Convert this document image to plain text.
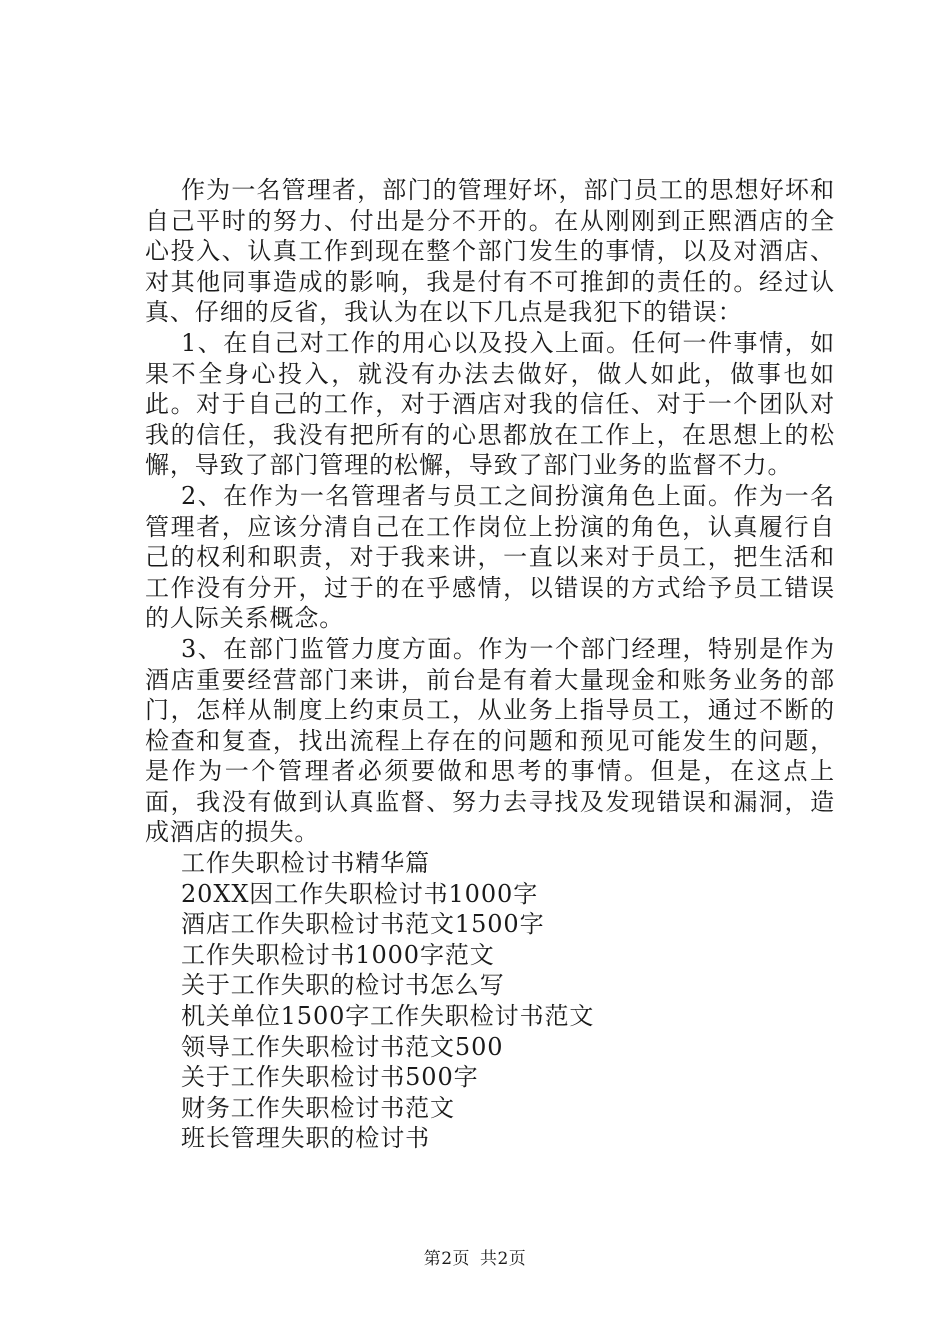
作为一名管理者，部门的管理好坏，部门员工的思想好坏和自己平时的努力、付出是分不开的。在从刚刚到正熙酒店的全心投入、认真工作到现在整个部门发生的事情，以及对酒店、对其他同事造成的影响，我是付有不可推卸的责任的。经过认真、仔细的反省，我认为在以下几点是我犯下的错误：

1、在自己对工作的用心以及投入上面。任何一件事情，如果不全身心投入，就没有办法去做好，做人如此，做事也如此。对于自己的工作，对于酒店对我的信任、对于一个团队对我的信任，我没有把所有的心思都放在工作上，在思想上的松懈，导致了部门管理的松懈，导致了部门业务的监督不力。

2、在作为一名管理者与员工之间扮演角色上面。作为一名管理者，应该分清自己在工作岗位上扮演的角色，认真履行自己的权利和职责，对于我来讲，一直以来对于员工，把生活和工作没有分开，过于的在乎感情，以错误的方式给予员工错误的人际关系概念。

3、在部门监管力度方面。作为一个部门经理，特别是作为酒店重要经营部门来讲，前台是有着大量现金和账务业务的部门，怎样从制度上约束员工，从业务上指导员工，通过不断的检查和复查，找出流程上存在的问题和预见可能发生的问题，是作为一个管理者必须要做和思考的事情。但是，在这点上面，我没有做到认真监督、努力去寻找及发现错误和漏洞，造成酒店的损失。

工作失职检讨书精华篇
20XX因工作失职检讨书1000字
酒店工作失职检讨书范文1500字
工作失职检讨书1000字范文
关于工作失职的检讨书怎么写
机关单位1500字工作失职检讨书范文
领导工作失职检讨书范文500
关于工作失职检讨书500字
财务工作失职检讨书范文
班长管理失职的检讨书
第2页 共2页
